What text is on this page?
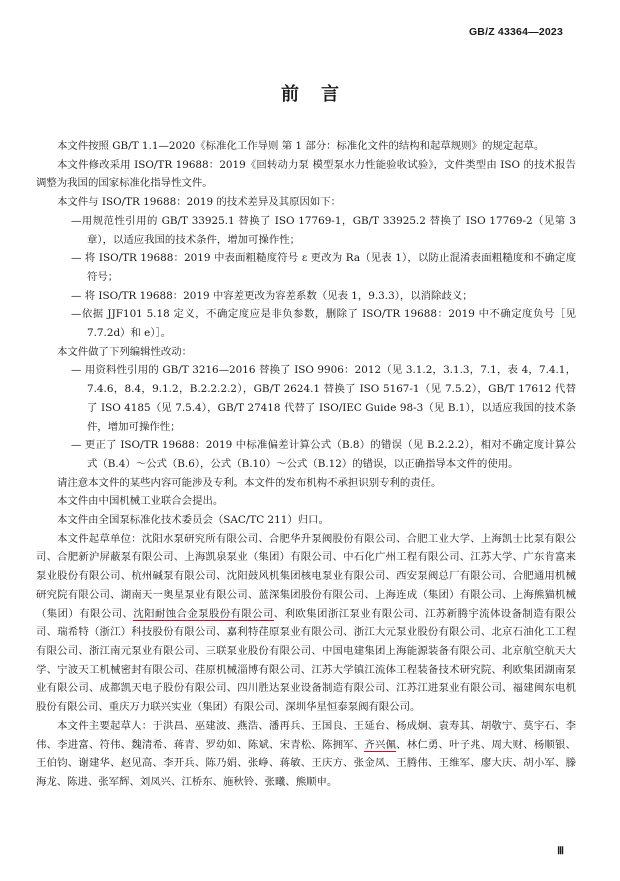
GB/Z 43364—2023
前言

本文件按照 GB/T 1.1—2020《标准化工作导则 第 1 部分：标准化文件的结构和起草规则》的规定起草。

本文件修改采用 ISO/TR 19688：2019《回转动力泵 模型泵水力性能验收试验》，文件类型由 ISO 的技术报告调整为我国的国家标准化指导性文件。

本文件与 ISO/TR 19688：2019 的技术差异及其原因如下：

—用规范性引用的 GB/T 33925.1 替换了 ISO 17769-1，GB/T 33925.2 替换了 ISO 17769-2（见第 3 章），以适应我国的技术条件，增加可操作性；

— 将 ISO/TR 19688：2019 中表面粗糙度符号 ε 更改为 Ra（见表 1），以防止混淆表面粗糙度和不确定度符号；

— 将 ISO/TR 19688：2019 中容差更改为容差系数（见表 1，9.3.3），以消除歧义；

—依据 JJF101 5.18 定义，不确定度应是非负参数，删除了 ISO/TR 19688：2019 中不确定度负号［见 7.7.2d）和 e）］。

本文件做了下列编辑性改动：

— 用资料性引用的 GB/T 3216—2016 替换了 ISO 9906：2012（见 3.1.2，3.1.3，7.1，表 4，7.4.1，7.4.6，8.4，9.1.2，B.2.2.2.2），GB/T 2624.1 替换了 ISO 5167-1（见 7.5.2），GB/T 17612 代替了 ISO 4185（见 7.5.4），GB/T 27418 代替了 ISO/IEC Guide 98-3（见 B.1），以适应我国的技术条件，增加可操作性；

— 更正了 ISO/TR 19688：2019 中标准偏差计算公式（B.8）的错误（见 B.2.2.2），相对不确定度计算公式（B.4）～公式（B.6），公式（B.10）～公式（B.12）的错误，以正确指导本文件的使用。

请注意本文件的某些内容可能涉及专利。本文件的发布机构不承担识别专利的责任。

本文件由中国机械工业联合会提出。

本文件由全国泵标准化技术委员会（SAC/TC 211）归口。

本文件起草单位：沈阳水泵研究所有限公司、合肥华升泵阀股份有限公司、合肥工业大学、上海凯士比泵有限公司、合肥新沪屏蔽泵有限公司、上海凯泉泵业（集团）有限公司、中石化广州工程有限公司、江苏大学、广东肯富来泵业股份有限公司、杭州碱泵有限公司、沈阳鼓风机集团核电泵业有限公司、西安泵阀总厂有限公司、合肥通用机械研究院有限公司、湖南天一奥星泵业有限公司、蓝深集团股份有限公司、上海连成（集团）有限公司、上海熊猫机械（集团）有限公司、沈阳耐蚀合金泵股份有限公司、利欧集团浙江泵业有限公司、江苏新腾宇流体设备制造有限公司、瑞希特（浙江）科技股份有限公司、嘉利特荏原泵业有限公司、浙江大元泵业股份有限公司、北京石油化工工程有限公司、浙江南元泵业有限公司、三联泵业股份有限公司、中国电建集团上海能源装备有限公司、北京航空航天大学、宁波天工机械密封有限公司、荏原机械淄博有限公司、江苏大学镇江流体工程装备技术研究院、利欧集团湖南泵业有限公司、成都凯天电子股份有限公司、四川胜达泵业设备制造有限公司、江苏江进泵业有限公司、福建闽东电机股份有限公司、重庆万力联兴实业（集团）有限公司、深圳华星恒泰泵阀有限公司。

本文件主要起草人：于洪昌、巫建波、燕浩、潘再兵、王国良、王延台、杨成炯、袁寿其、胡敬宁、莫宇石、李伟、李进富、符伟、魏清希、蒋青、罗幼如、陈斌、宋青松、陈拥军、齐兴佩、林仁勇、叶子兆、周大财、杨顺银、王伯钧、谢建华、赵见高、李开兵、陈乃娟、张峥、蒋敏、王庆方、张金凤、王腾伟、王维军、廖大庆、胡小军、滕海龙、陈进、张军辉、刘凤兴、江桥东、施秋铃、张曦、熊顺申。

Ⅲ
